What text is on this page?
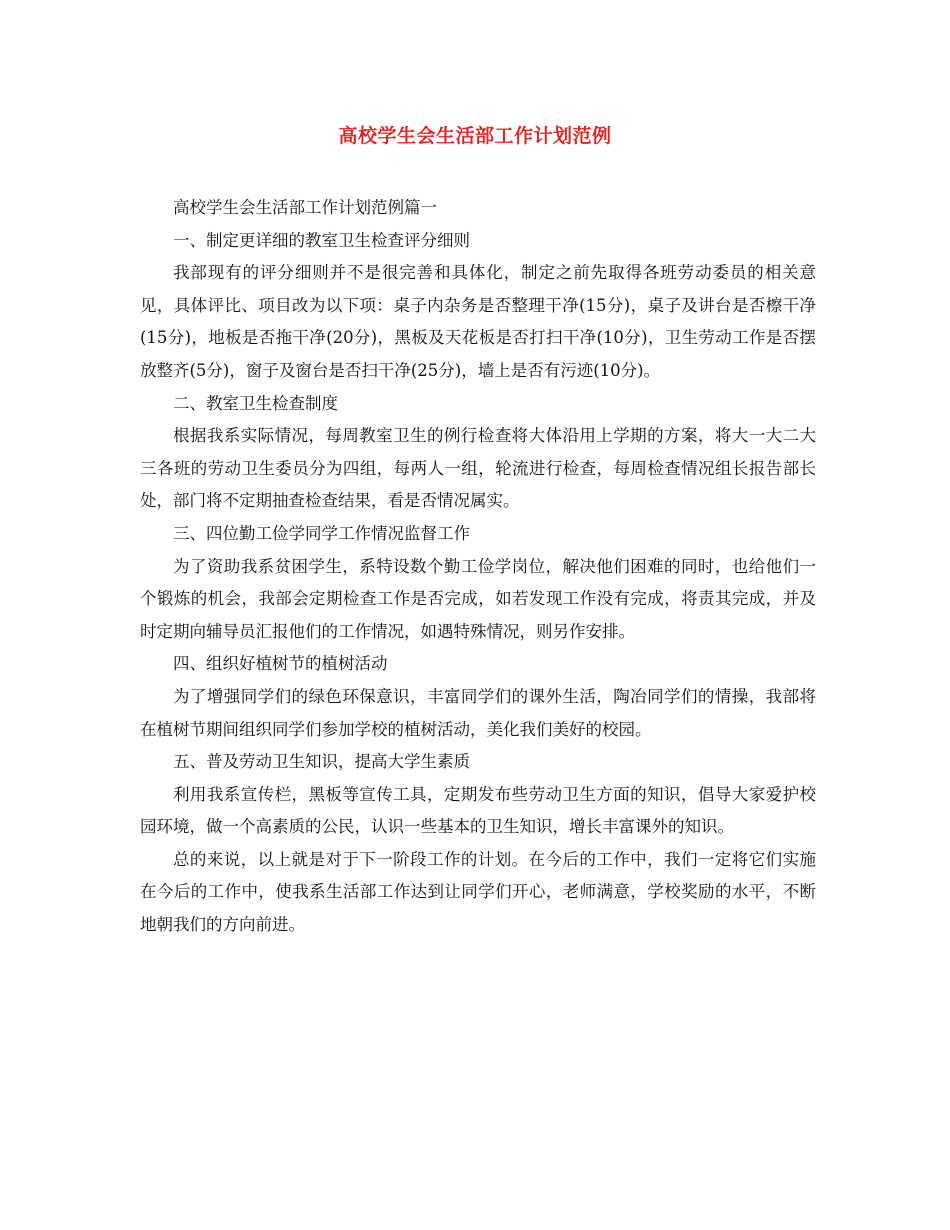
高校学生会生活部工作计划范例

高校学生会生活部工作计划范例篇一

一、制定更详细的教室卫生检查评分细则

我部现有的评分细则并不是很完善和具体化，制定之前先取得各班劳动委员的相关意见，具体评比、项目改为以下项：桌子内杂务是否整理干净(15分)，桌子及讲台是否檫干净(15分)，地板是否拖干净(20分)，黑板及天花板是否打扫干净(10分)，卫生劳动工作是否摆放整齐(5分)，窗子及窗台是否扫干净(25分)，墙上是否有污迹(10分)。

二、教室卫生检查制度

根据我系实际情况，每周教室卫生的例行检查将大体沿用上学期的方案，将大一大二大三各班的劳动卫生委员分为四组，每两人一组，轮流进行检查，每周检查情况组长报告部长处，部门将不定期抽查检查结果，看是否情况属实。

三、四位勤工俭学同学工作情况监督工作

为了资助我系贫困学生，系特设数个勤工俭学岗位，解决他们困难的同时，也给他们一个锻炼的机会，我部会定期检查工作是否完成，如若发现工作没有完成，将责其完成，并及时定期向辅导员汇报他们的工作情况，如遇特殊情况，则另作安排。

四、组织好植树节的植树活动

为了增强同学们的绿色环保意识，丰富同学们的课外生活，陶冶同学们的情操，我部将在植树节期间组织同学们参加学校的植树活动，美化我们美好的校园。

五、普及劳动卫生知识，提高大学生素质

利用我系宣传栏，黑板等宣传工具，定期发布些劳动卫生方面的知识，倡导大家爱护校园环境，做一个高素质的公民，认识一些基本的卫生知识，增长丰富课外的知识。

总的来说，以上就是对于下一阶段工作的计划。在今后的工作中，我们一定将它们实施在今后的工作中，使我系生活部工作达到让同学们开心，老师满意，学校奖励的水平，不断地朝我们的方向前进。
